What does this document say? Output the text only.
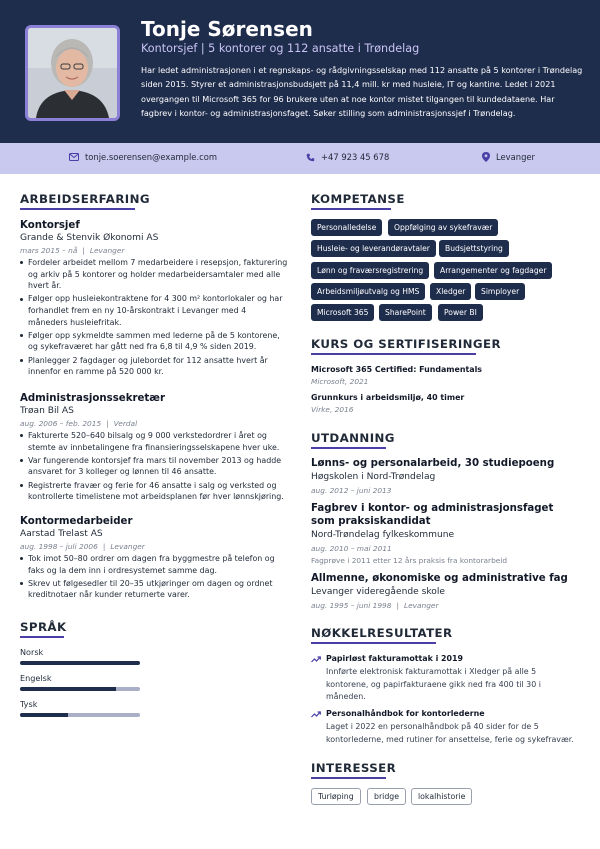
Tonje Sørensen
Kontorsjef | 5 kontorer og 112 ansatte i Trøndelag
Har ledet administrasjonen i et regnskaps- og rådgivningsselskap med 112 ansatte på 5 kontorer i Trøndelag siden 2015. Styrer et administrasjonsbudsjett på 11,4 mill. kr med husleie, IT og kantine. Ledet i 2021 overgangen til Microsoft 365 for 96 brukere uten at noe kontor mistet tilgangen til kundedataene. Har fagbrev i kontor- og administrasjonsfaget. Søker stilling som administrasjonssjef i Trøndelag.
tonje.soerensen@example.com	+47 923 45 678	Levanger
ARBEIDSERFARING
Kontorsjef
Grande & Stenvik Økonomi AS
mars 2015 – nå | Levanger
Fordeler arbeidet mellom 7 medarbeidere i resepsjon, fakturering og arkiv på 5 kontorer og holder medarbeidersamtaler med alle hvert år.
Følger opp husleiekontraktene for 4 300 m² kontorlokaler og har forhandlet frem en ny 10-årskontrakt i Levanger med 4 måneders husleiefritak.
Følger opp sykmeldte sammen med lederne på de 5 kontorene, og sykefraværet har gått ned fra 6,8 til 4,9 % siden 2019.
Planlegger 2 fagdager og julebordet for 112 ansatte hvert år innenfor en ramme på 520 000 kr.
Administrasjonssekretær
Trøan Bil AS
aug. 2006 – feb. 2015 | Verdal
Fakturerte 520–640 bilsalg og 9 000 verkstedordrer i året og stemte av innbetalingene fra finansieringsselskapene hver uke.
Var fungerende kontorsjef fra mars til november 2013 og hadde ansvaret for 3 kolleger og lønnen til 46 ansatte.
Registrerte fravær og ferie for 46 ansatte i salg og verksted og kontrollerte timelistene mot arbeidsplanen før hver lønnskjøring.
Kontormedarbeider
Aarstad Trelast AS
aug. 1998 – juli 2006 | Levanger
Tok imot 50–80 ordrer om dagen fra byggmestre på telefon og faks og la dem inn i ordresystemet samme dag.
Skrev ut følgesedler til 20–35 utkjøringer om dagen og ordnet kreditnotaer når kunder returnerte varer.
SPRÅK
Norsk
Engelsk
Tysk
KOMPETANSE
Personalledelse	Oppfølging av sykefravær
Husleie- og leverandøravtaler	Budsjettstyring
Lønn og fraværsregistrering	Arrangementer og fagdager
Arbeidsmiljøutvalg og HMS	Xledger	Simployer
Microsoft 365	SharePoint	Power BI
KURS OG SERTIFISERINGER
Microsoft 365 Certified: Fundamentals
Microsoft, 2021
Grunnkurs i arbeidsmiljø, 40 timer
Virke, 2016
UTDANNING
Lønns- og personalarbeid, 30 studiepoeng
Høgskolen i Nord-Trøndelag
aug. 2012 – juni 2013
Fagbrev i kontor- og administrasjonsfaget
som praksiskandidat
Nord-Trøndelag fylkeskommune
aug. 2010 – mai 2011
Fagprøve i 2011 etter 12 års praksis fra kontorarbeid
Allmenne, økonomiske og administrative fag
Levanger videregående skole
aug. 1995 – juni 1998 | Levanger
NØKKELRESULTATER
Papirløst fakturamottak i 2019
Innførte elektronisk fakturamottak i Xledger på alle 5 kontorene, og papirfakturaene gikk ned fra 400 til 30 i måneden.
Personalhåndbok for kontorlederne
Laget i 2022 en personalhåndbok på 40 sider for de 5 kontorlederne, med rutiner for ansettelse, ferie og sykefravær.
INTERESSER
Turløping	bridge	lokalhistorie
